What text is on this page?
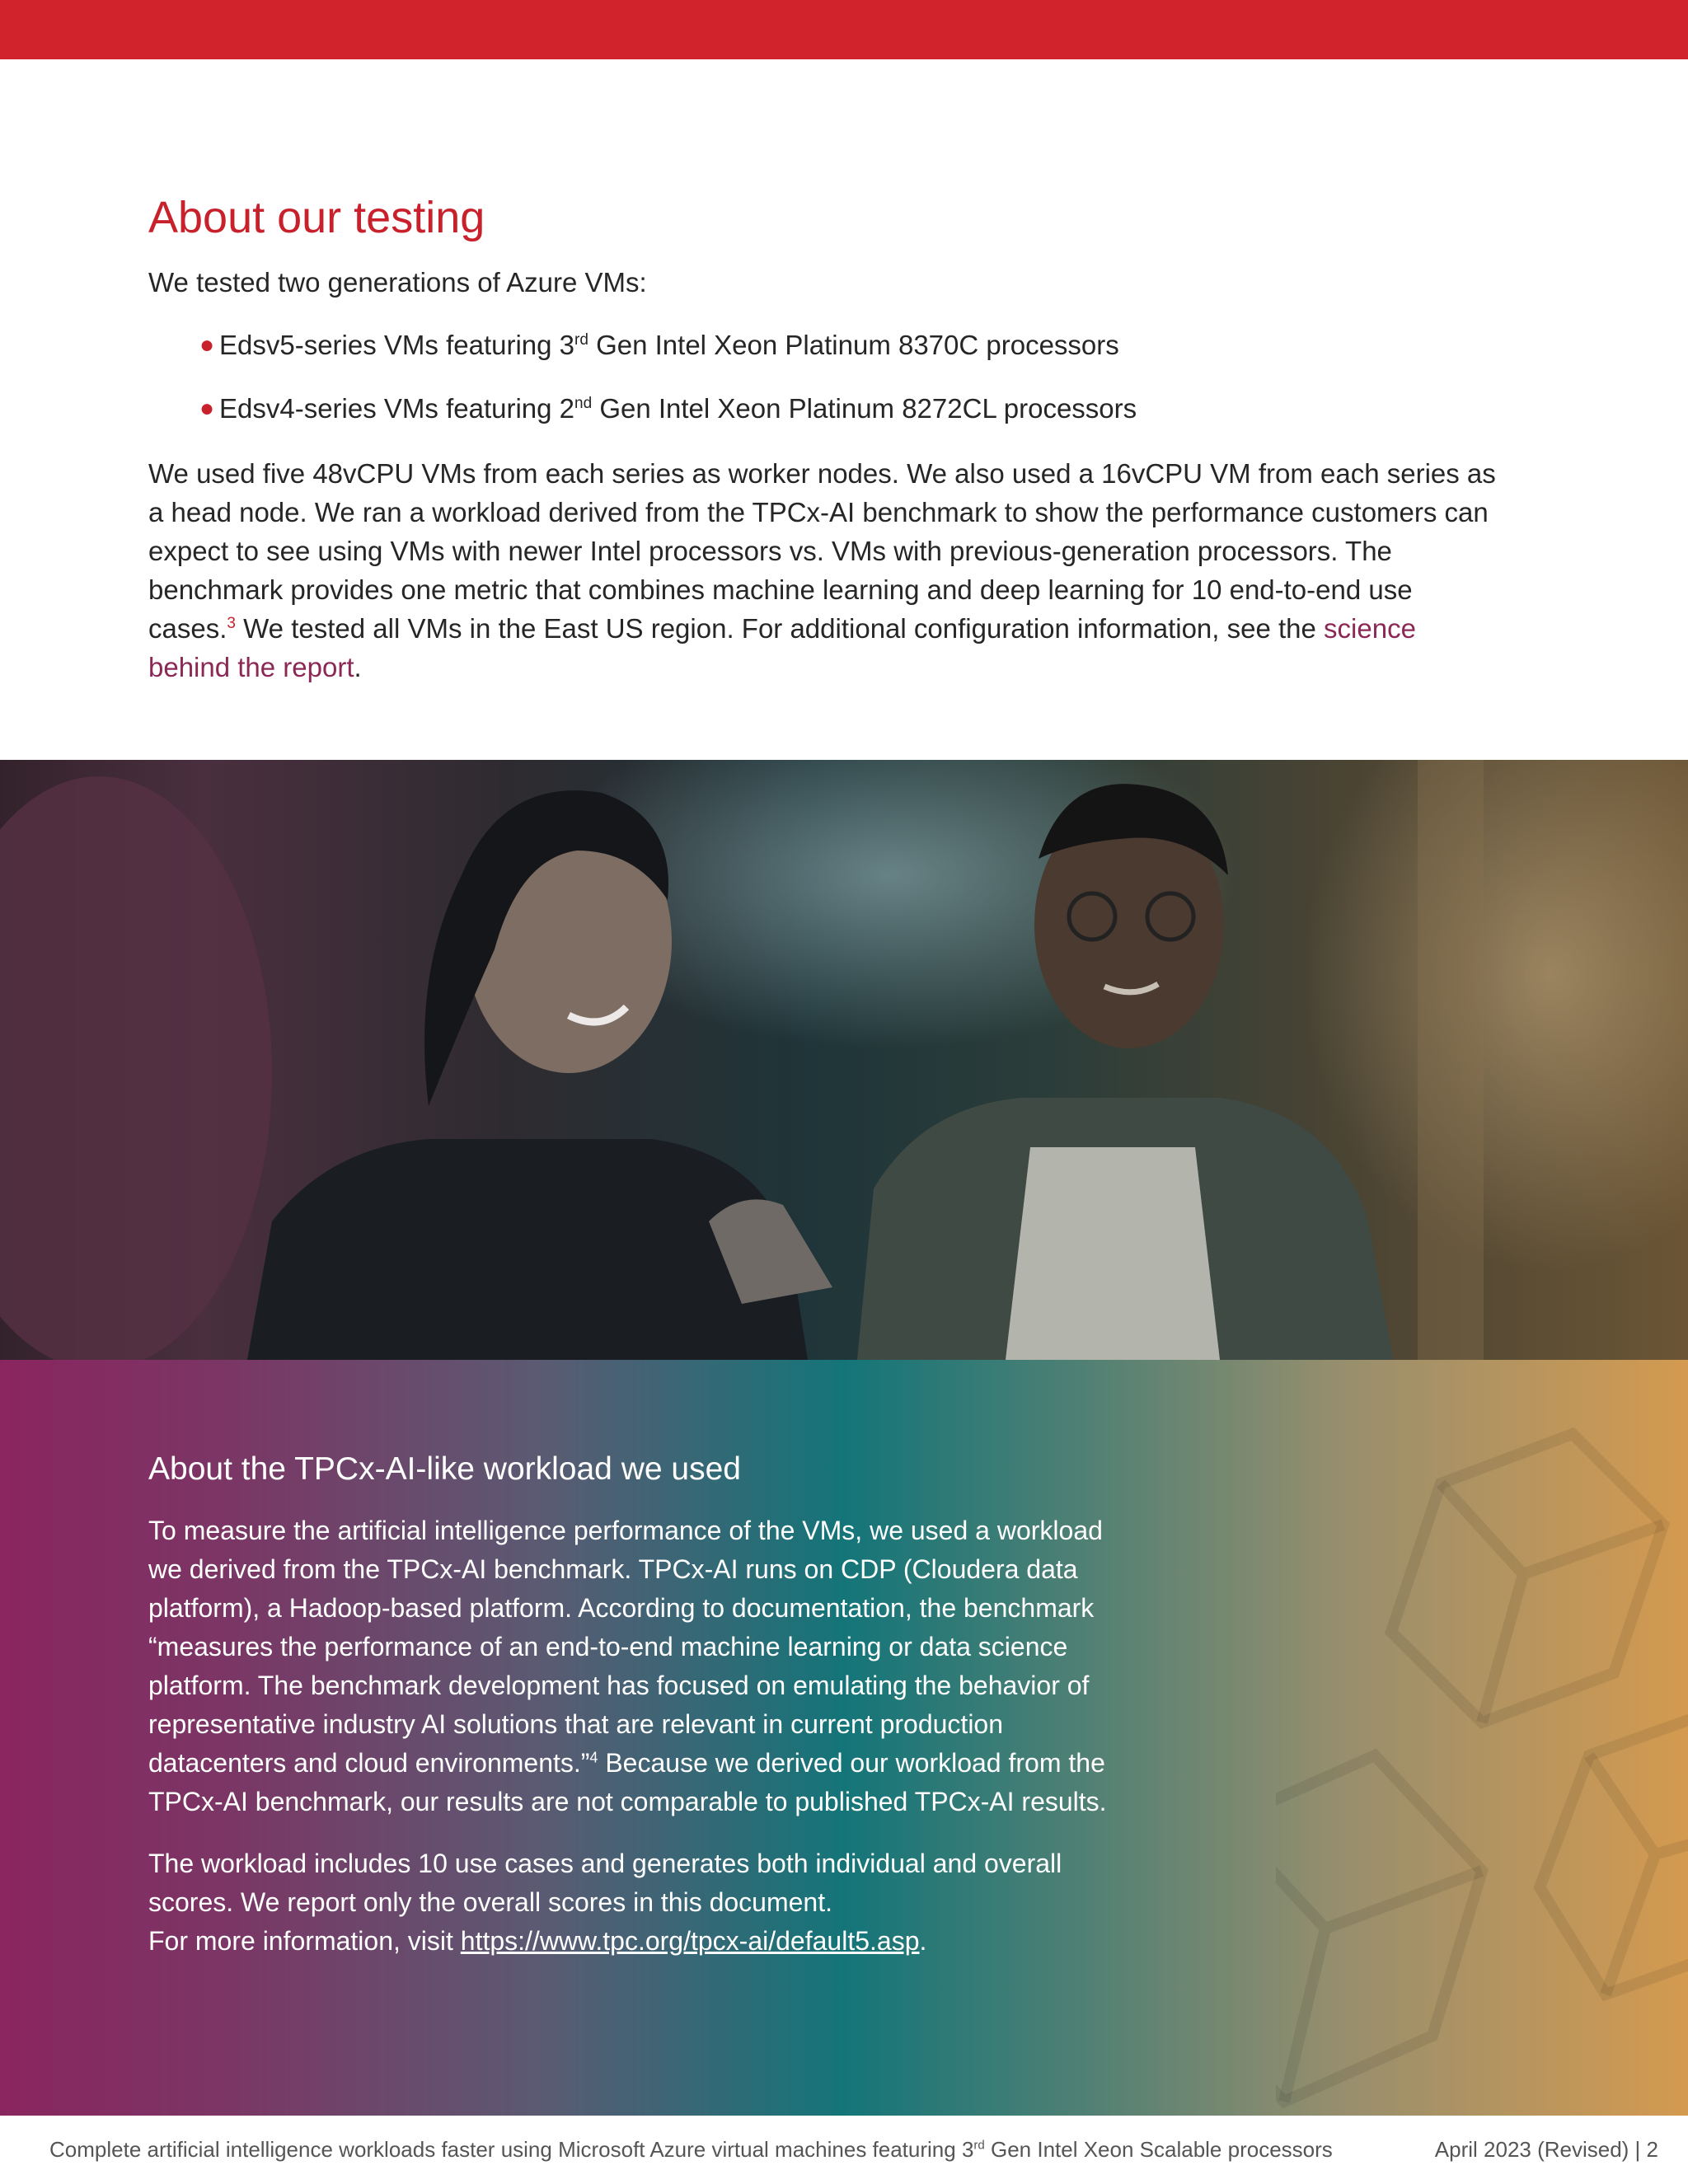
About our testing

We tested two generations of Azure VMs:

● Edsv5-series VMs featuring 3rd Gen Intel Xeon Platinum 8370C processors
● Edsv4-series VMs featuring 2nd Gen Intel Xeon Platinum 8272CL processors

We used five 48vCPU VMs from each series as worker nodes. We also used a 16vCPU VM from each series as a head node. We ran a workload derived from the TPCx-AI benchmark to show the performance customers can expect to see using VMs with newer Intel processors vs. VMs with previous-generation processors. The benchmark provides one metric that combines machine learning and deep learning for 10 end-to-end use cases.$^3$ We tested all VMs in the East US region. For additional configuration information, see the science behind the report.

About the TPCx-AI-like workload we used

To measure the artificial intelligence performance of the VMs, we used a workload we derived from the TPCx-AI benchmark. TPCx-AI runs on CDP (Cloudera data platform), a Hadoop-based platform. According to documentation, the benchmark “measures the performance of an end-to-end machine learning or data science platform. The benchmark development has focused on emulating the behavior of representative industry AI solutions that are relevant in current production datacenters and cloud environments.”$^4$ Because we derived our workload from the TPCx-AI benchmark, our results are not comparable to published TPCx-AI results.

The workload includes 10 use cases and generates both individual and overall scores. We report only the overall scores in this document.
For more information, visit https://www.tpc.org/tpcx-ai/default5.asp.

Complete artificial intelligence workloads faster using Microsoft Azure virtual machines featuring 3rd Gen Intel Xeon Scalable processors	April 2023 (Revised) | 2
